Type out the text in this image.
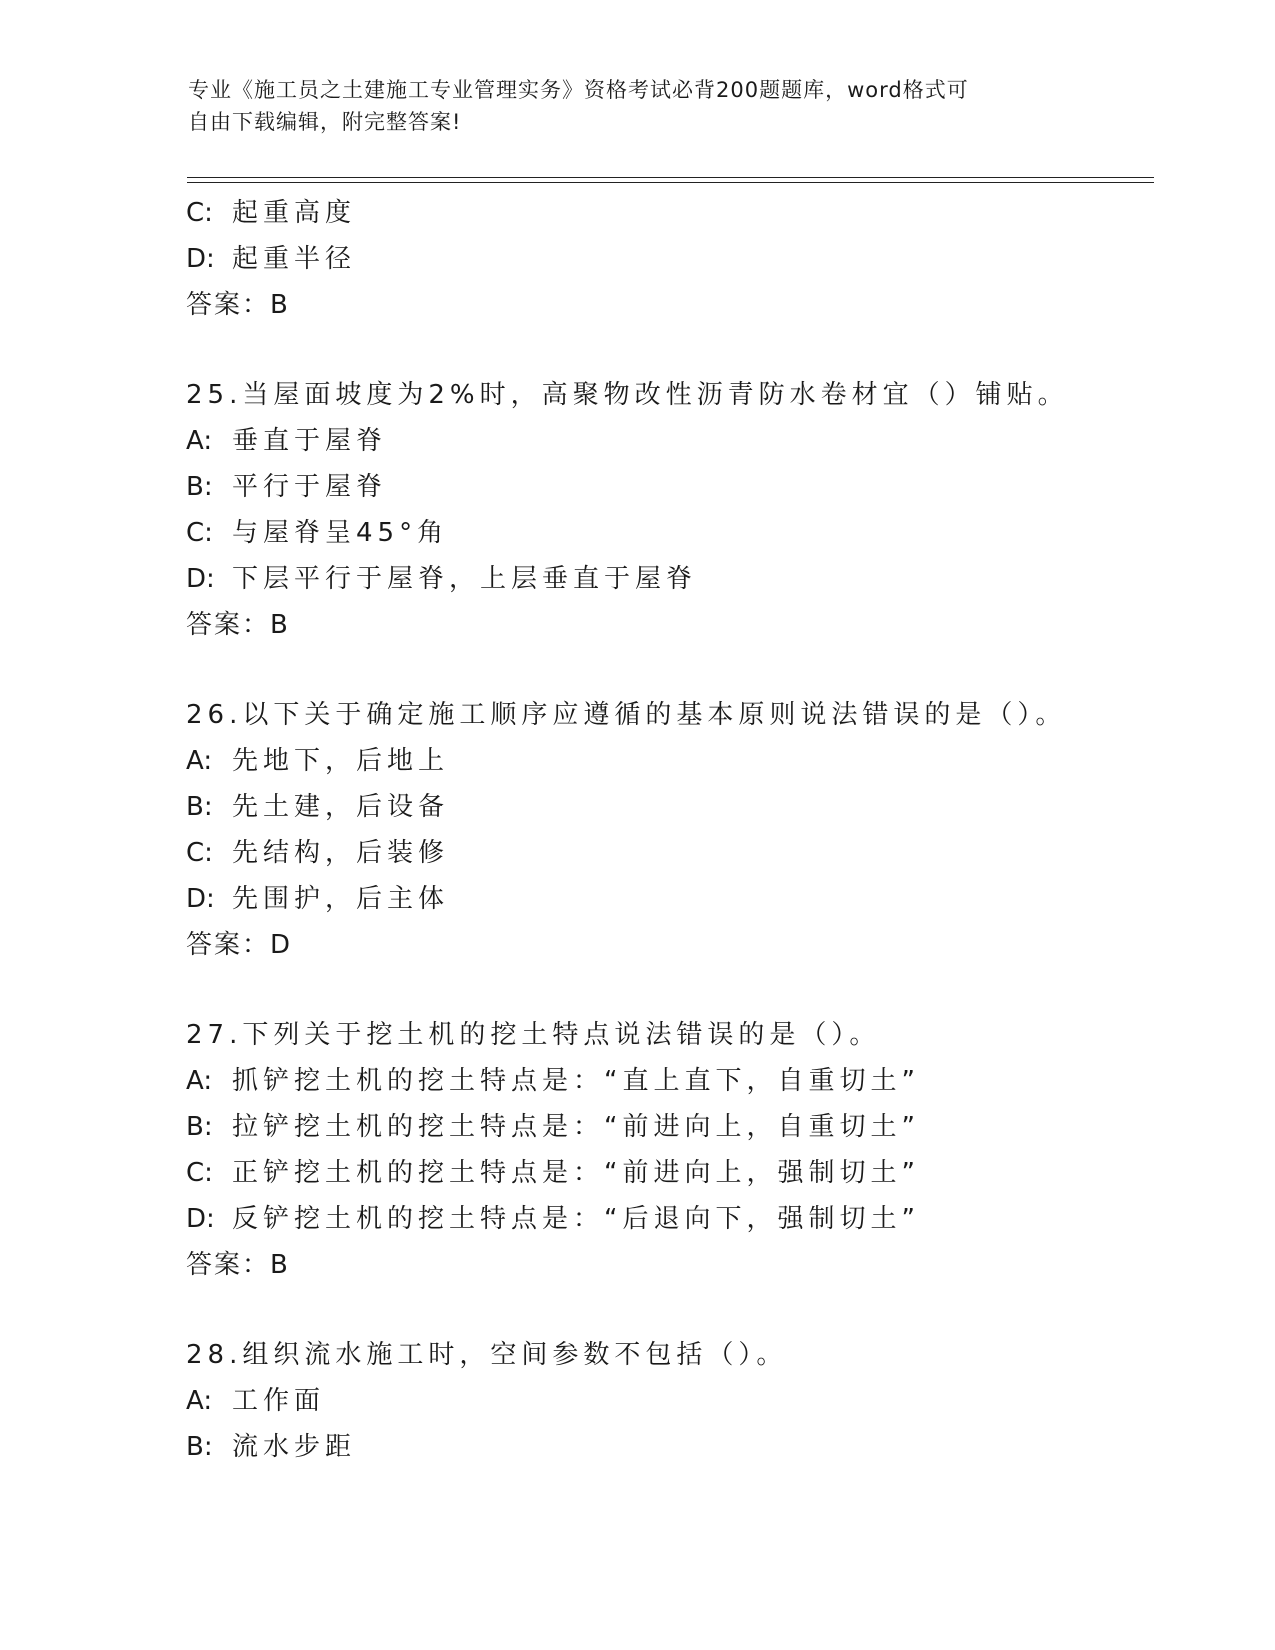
专业《施工员之土建施工专业管理实务》资格考试必背200题题库，word格式可
自由下载编辑，附完整答案!
C: 起重高度
D: 起重半径
答案：B
25.当屋面坡度为2%时，高聚物改性沥青防水卷材宜（）铺贴。
A: 垂直于屋脊
B: 平行于屋脊
C: 与屋脊呈45°角
D: 下层平行于屋脊，上层垂直于屋脊
答案：B
26.以下关于确定施工顺序应遵循的基本原则说法错误的是（）。
A: 先地下，后地上
B: 先土建，后设备
C: 先结构，后装修
D: 先围护，后主体
答案：D
27.下列关于挖土机的挖土特点说法错误的是（）。
A: 抓铲挖土机的挖土特点是：“直上直下，自重切土”
B: 拉铲挖土机的挖土特点是：“前进向上，自重切土”
C: 正铲挖土机的挖土特点是：“前进向上，强制切土”
D: 反铲挖土机的挖土特点是：“后退向下，强制切土”
答案：B
28.组织流水施工时，空间参数不包括（）。
A: 工作面
B: 流水步距
